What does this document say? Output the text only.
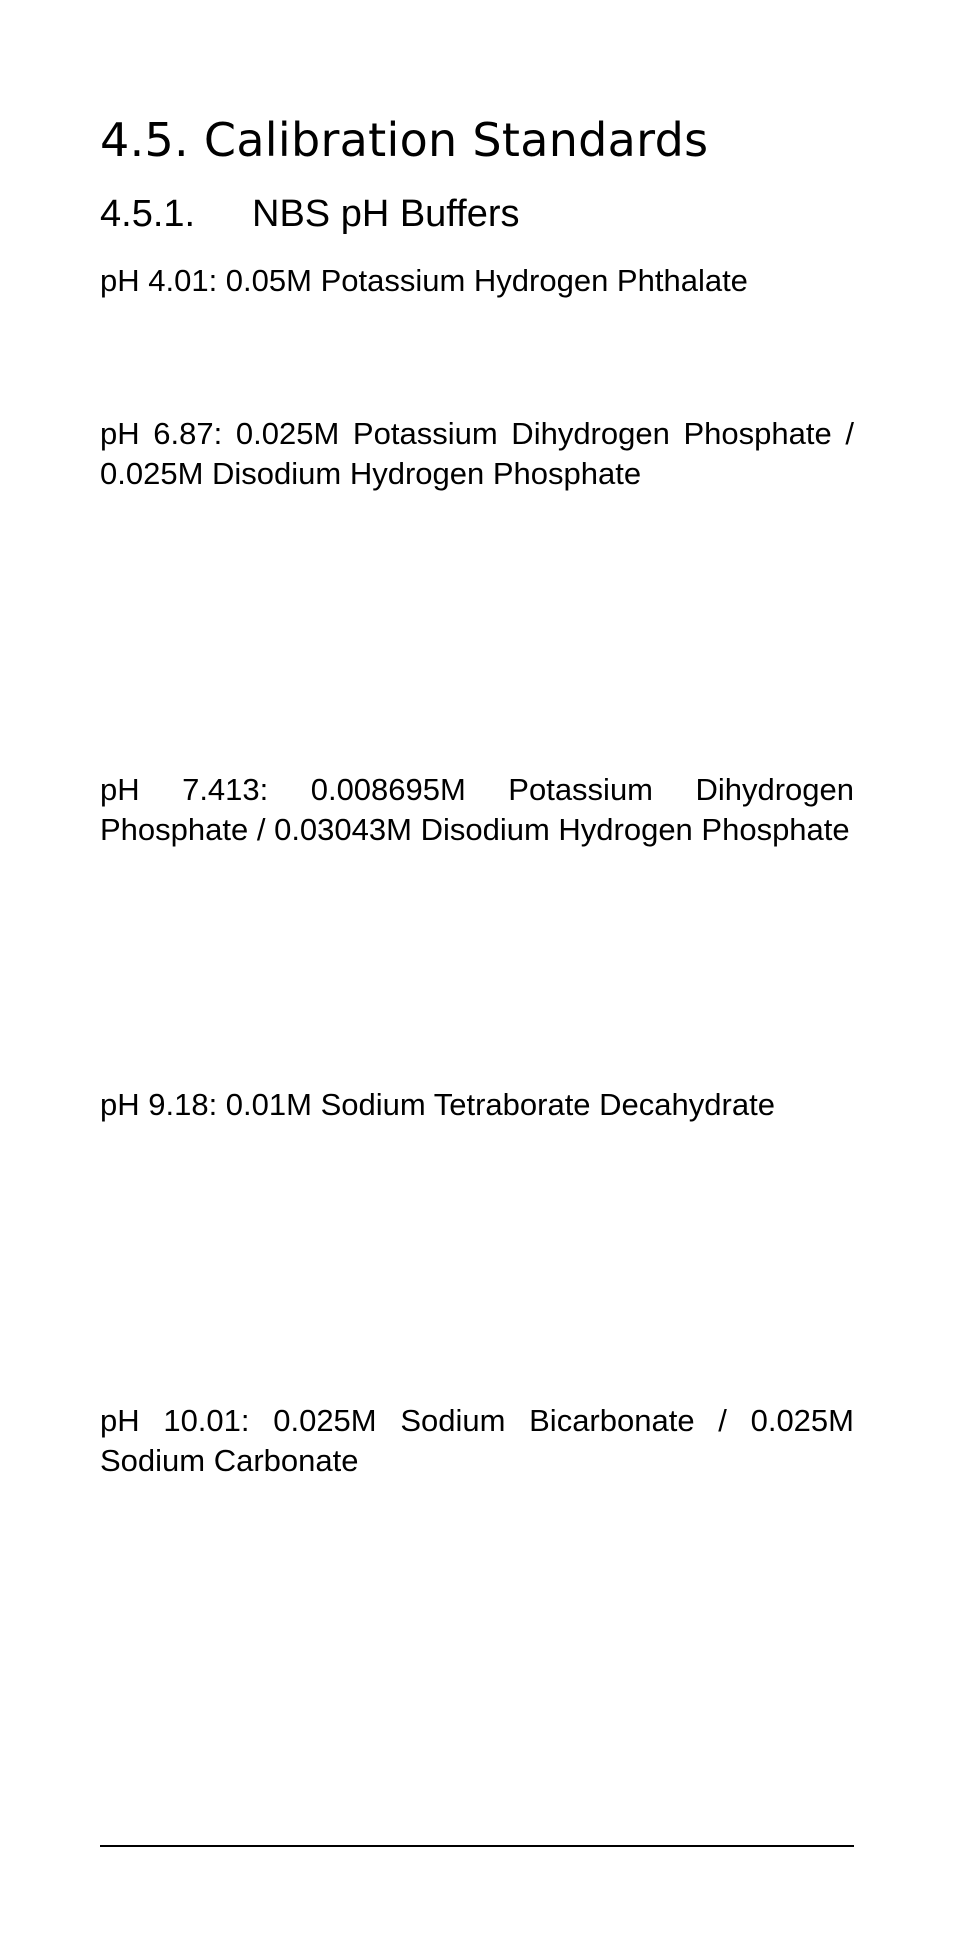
4.5. Calibration Standards
4.5.1. NBS pH Buffers

pH 4.01: 0.05M Potassium Hydrogen Phthalate

pH 6.87: 0.025M Potassium Dihydrogen Phosphate / 0.025M Disodium Hydrogen Phosphate

pH 7.413: 0.008695M Potassium Dihydrogen Phosphate / 0.03043M Disodium Hydrogen Phosphate

pH 9.18: 0.01M Sodium Tetraborate Decahydrate

pH 10.01: 0.025M Sodium Bicarbonate / 0.025M Sodium Carbonate
